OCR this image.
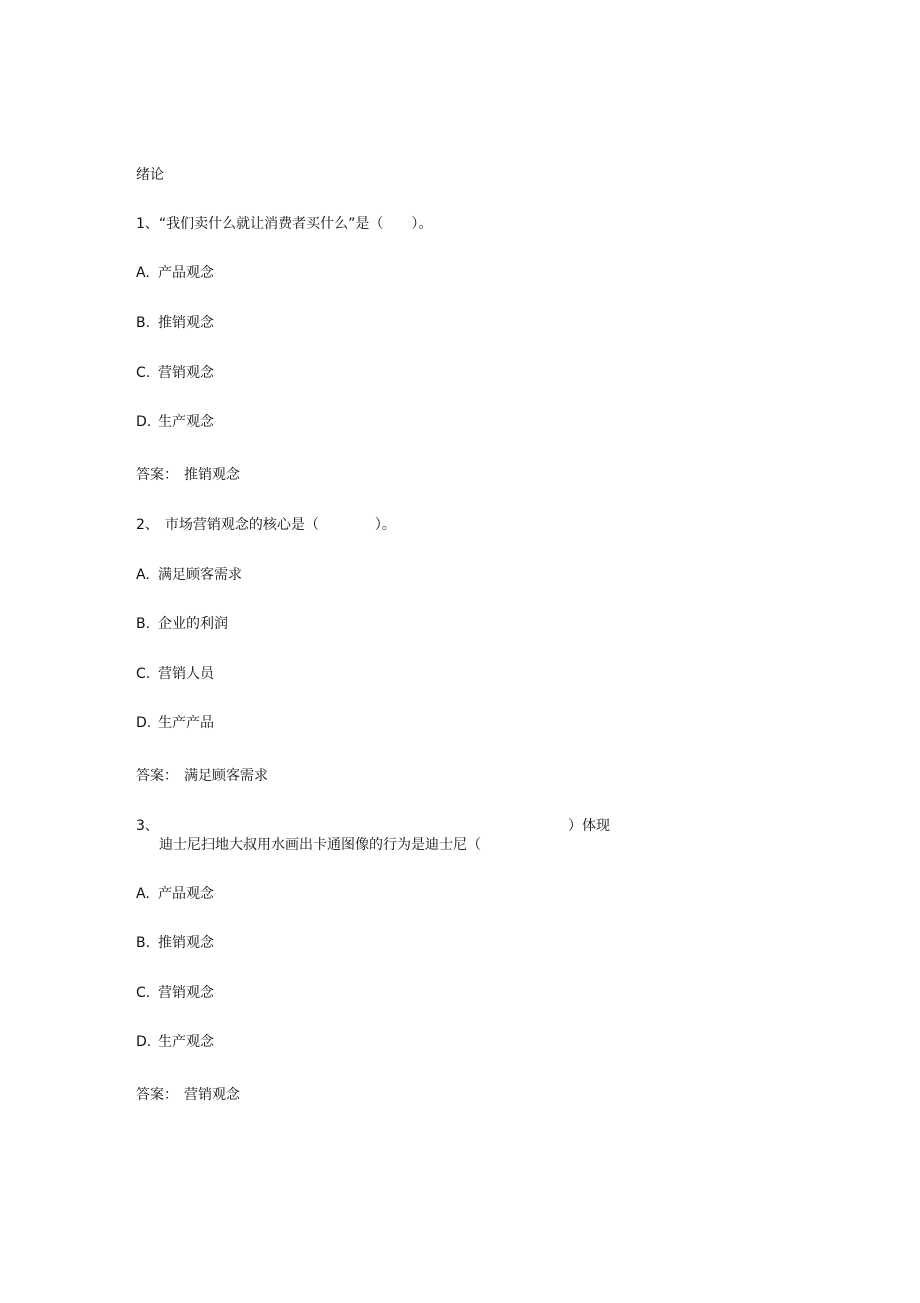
绪论
1、“我们卖什么就让消费者买什么”是（　　）。
A. 产品观念
B. 推销观念
C. 营销观念
D. 生产观念
答案： 推销观念
2、 市场营销观念的核心是（　　　　）。
A. 满足顾客需求
B. 企业的利润
C. 营销人员
D. 生产产品
答案： 满足顾客需求
3、	）体现
迪士尼扫地大叔用水画出卡通图像的行为是迪士尼（
A. 产品观念
B. 推销观念
C. 营销观念
D. 生产观念
答案： 营销观念
